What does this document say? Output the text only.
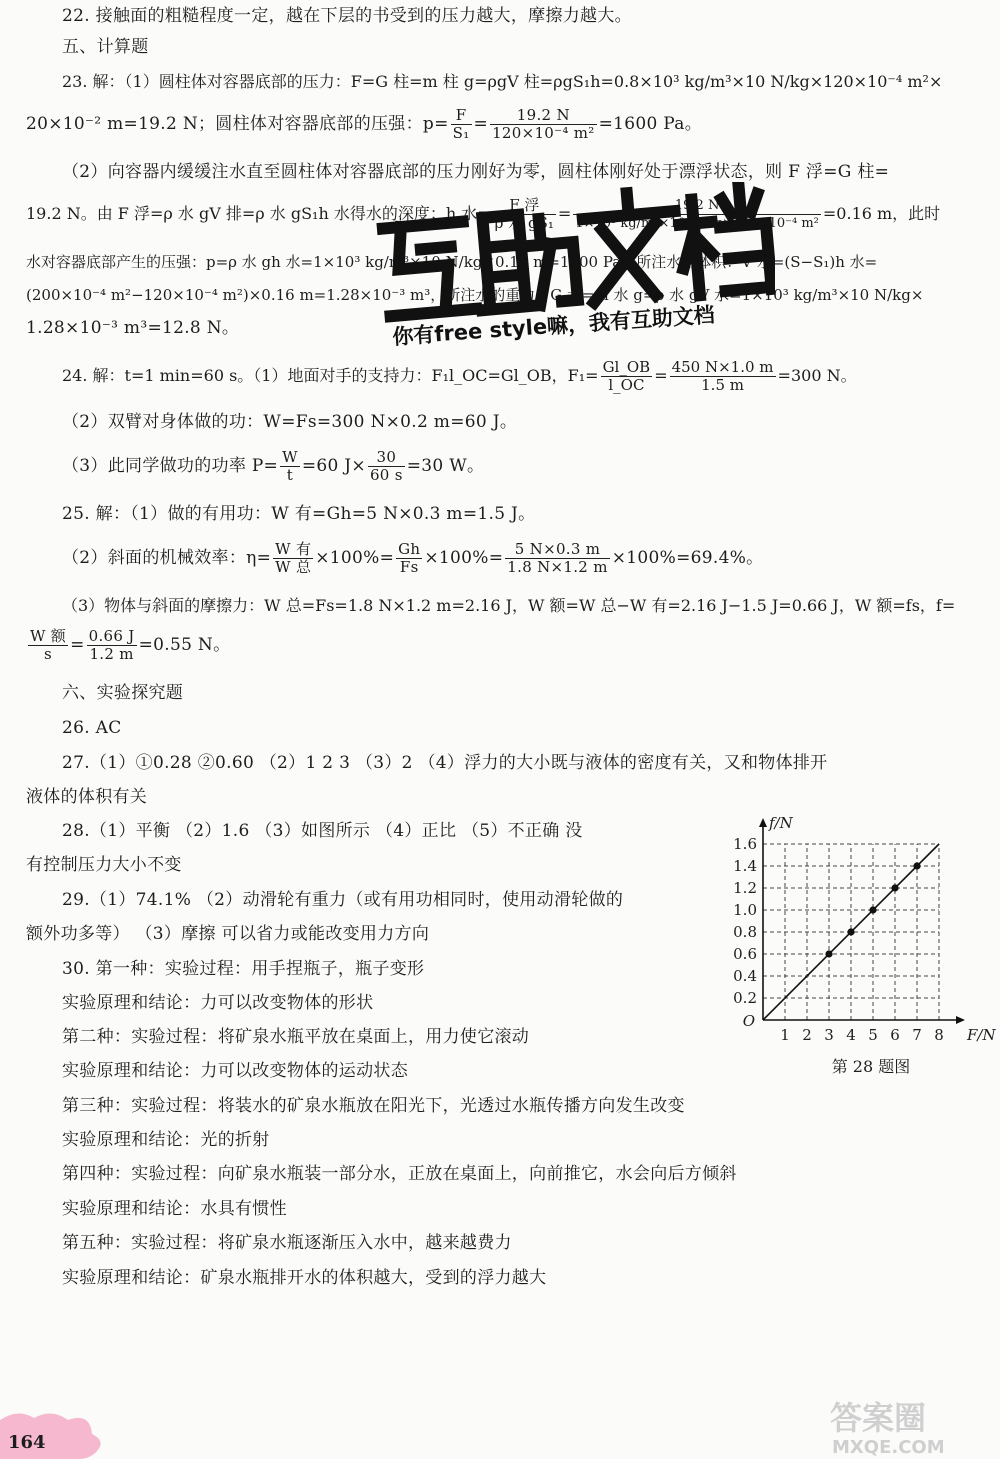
22. 接触面的粗糙程度一定，越在下层的书受到的压力越大，摩擦力越大。
五、计算题
23. 解：（1）圆柱体对容器底部的压力：F=G 柱=m 柱 g=ρgV 柱=ρgS₁h=0.8×10³ kg/m³×10 N/kg×120×10⁻⁴ m²×
20×10⁻² m=19.2 N；圆柱体对容器底部的压强：$p= \frac{F}{\text{S₁}} = \frac{19.2 N}{\text{120×10⁻⁴ m²}} =1600$ Pa。
（2）向容器内缓缓注水直至圆柱体对容器底部的压力刚好为零，圆柱体刚好处于漂浮状态，则 F 浮=G 柱=
19.2 N。由 F 浮=ρ 水 gV 排=ρ 水 gS₁h 水得水的深度：h 水= $\frac{\text{F 浮}}{\text{ρ 水 gS₁}} = \frac{19.2 N}{\text{1×10³ kg/m³×10 N/kg×120×10⁻⁴ m²}} =0.16$ m，此时
水对容器底部产生的压强：p=ρ 水 gh 水=1×10³ kg/m³×10 N/kg×0.16 m=1600 Pa；所注水的体积：V 水=(S−S₁)h 水=
(200×10⁻⁴ m²−120×10⁻⁴ m²)×0.16 m=1.28×10⁻³ m³，所注水的重力：G 水=m 水 g=ρ 水 gV 水=1×10³ kg/m³×10 N/kg×
1.28×10⁻³ m³=12.8 N。
24. 解：t=1 min=60 s。（1）地面对手的支持力：F₁l_OC=Gl_OB，$F_1= \frac{Gl\_OB}{l\_OC} = \frac{450 N\times 1.0 m}{1.5 m} =300$ N。
（2）双臂对身体做的功：W=Fs=300 N×0.2 m=60 J。
（3）此同学做功的功率 $P= \frac{W}{t} =60$ $J\times \frac{30}{60 s} =30$ W。
25. 解：（1）做的有用功：W 有=Gh=5 N×0.3 m=1.5 J。
（2）斜面的机械效率：$\eta= \frac{\text{W 有}}{\text{W 总}} \times 100\%= \frac{Gh}{Fs} \times 100\%= \frac{5 N\times 0.3 m}{1.8 N\times 1.2 m} \times 100\%=69.4\%$。
（3）物体与斜面的摩擦力：W 总=Fs=1.8 N×1.2 m=2.16 J，W 额=W 总−W 有=2.16 J−1.5 J=0.66 J，W 额=fs，f=
$\frac{\text{W 额}}{s} = \frac{0.66 J}{1.2 m} =0.55$ N。
六、实验探究题
26. AC
27.（1）①0.28 ②0.60 （2）1 2 3 （3）2 （4）浮力的大小既与液体的密度有关，又和物体排开
液体的体积有关
28.（1）平衡 （2）1.6 （3）如图所示 （4）正比 （5）不正确 没
有控制压力大小不变
29.（1）74.1% （2）动滑轮有重力（或有用功相同时，使用动滑轮做的
额外功多等） （3）摩擦 可以省力或能改变用力方向
30. 第一种：实验过程：用手捏瓶子，瓶子变形
实验原理和结论：力可以改变物体的形状
第二种：实验过程：将矿泉水瓶平放在桌面上，用力使它滚动
实验原理和结论：力可以改变物体的运动状态
第三种：实验过程：将装水的矿泉水瓶放在阳光下，光透过水瓶传播方向发生改变
实验原理和结论：光的折射
第四种：实验过程：向矿泉水瓶装一部分水，正放在桌面上，向前推它，水会向后方倾斜
实验原理和结论：水具有惯性
第五种：实验过程：将矿泉水瓶逐渐压入水中，越来越费力
实验原理和结论：矿泉水瓶排开水的体积越大，受到的浮力越大
你有free style嘛，我有互助文档
1 2 3 4 5 6 7 8
0.2
0.4
0.6
0.8
1.0
1.2
1.4
1.6
O
F/N
f/N
第 28 题图
164
答案圈
MXQE.COM
